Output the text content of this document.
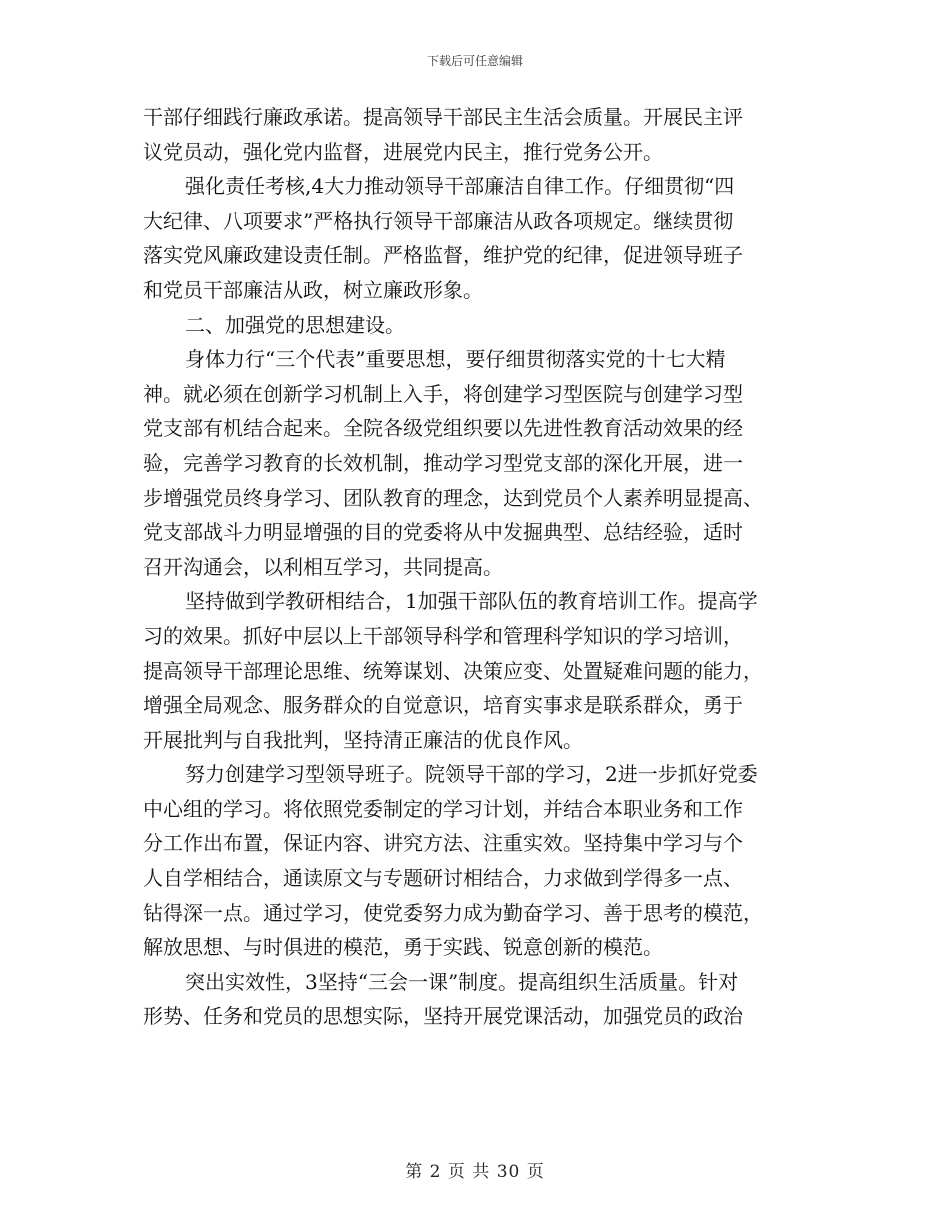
下载后可任意编辑
干部仔细践行廉政承诺。提高领导干部民主生活会质量。开展民主评
议党员动，强化党内监督，进展党内民主，推行党务公开。
强化责任考核,4大力推动领导干部廉洁自律工作。仔细贯彻“四
大纪律、八项要求”严格执行领导干部廉洁从政各项规定。继续贯彻
落实党风廉政建设责任制。严格监督，维护党的纪律，促进领导班子
和党员干部廉洁从政，树立廉政形象。
二、加强党的思想建设。
身体力行“三个代表”重要思想，要仔细贯彻落实党的十七大精
神。就必须在创新学习机制上入手，将创建学习型医院与创建学习型
党支部有机结合起来。全院各级党组织要以先进性教育活动效果的经
验，完善学习教育的长效机制，推动学习型党支部的深化开展，进一
步增强党员终身学习、团队教育的理念，达到党员个人素养明显提高、
党支部战斗力明显增强的目的党委将从中发掘典型、总结经验，适时
召开沟通会，以利相互学习，共同提高。
坚持做到学教研相结合，1加强干部队伍的教育培训工作。提高学
习的效果。抓好中层以上干部领导科学和管理科学知识的学习培训，
提高领导干部理论思维、统筹谋划、决策应变、处置疑难问题的能力，
增强全局观念、服务群众的自觉意识，培育实事求是联系群众，勇于
开展批判与自我批判，坚持清正廉洁的优良作风。
努力创建学习型领导班子。院领导干部的学习，2进一步抓好党委
中心组的学习。将依照党委制定的学习计划，并结合本职业务和工作
分工作出布置，保证内容、讲究方法、注重实效。坚持集中学习与个
人自学相结合，通读原文与专题研讨相结合，力求做到学得多一点、
钻得深一点。通过学习，使党委努力成为勤奋学习、善于思考的模范，
解放思想、与时俱进的模范，勇于实践、锐意创新的模范。
突出实效性，3坚持“三会一课”制度。提高组织生活质量。针对
形势、任务和党员的思想实际，坚持开展党课活动，加强党员的政治
第 2 页 共 30 页
